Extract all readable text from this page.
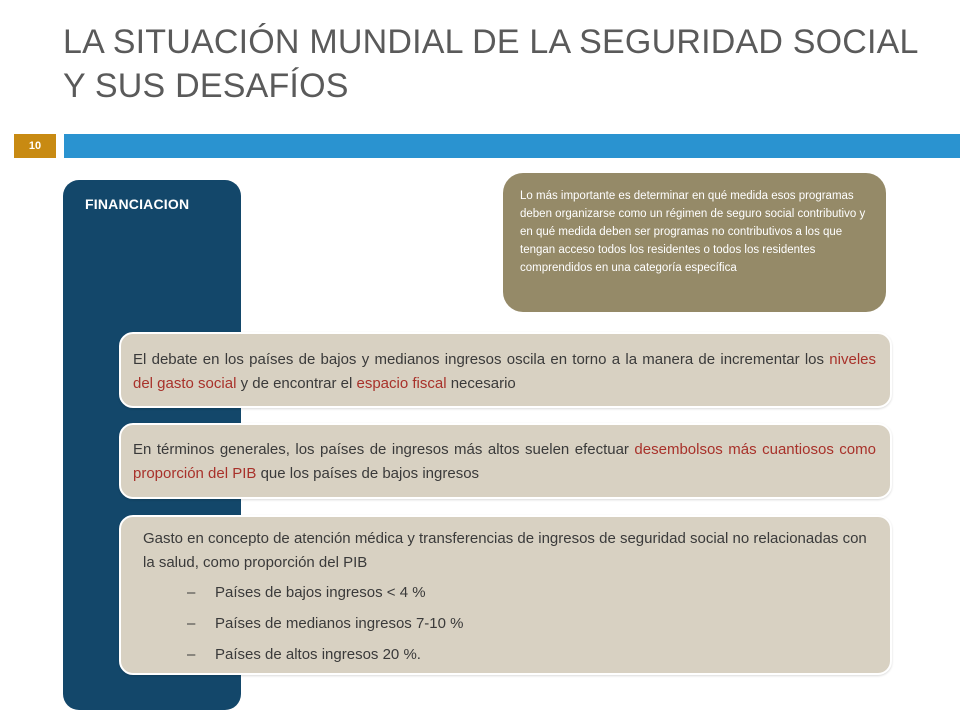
LA SITUACIÓN MUNDIAL DE LA SEGURIDAD SOCIAL Y SUS DESAFÍOS
10
FINANCIACION	Lo más importante es determinar en qué medida esos programas deben organizarse como un régimen de seguro social contributivo y en qué medida deben ser programas no contributivos a los que tengan acceso todos los residentes o todos los residentes comprendidos en una categoría específica
El debate en los países de bajos y medianos ingresos oscila en torno a la manera de incrementar los niveles del gasto social y de encontrar el espacio fiscal necesario
En términos generales, los países de ingresos más altos suelen efectuar desembolsos más cuantiosos como proporción del PIB que los países de bajos ingresos
Gasto en concepto de atención médica y transferencias de ingresos de seguridad social no relacionadas con la salud, como proporción del PIB
– Países de bajos ingresos < 4 %
– Países de medianos ingresos 7-10 %
– Países de altos ingresos 20 %.
